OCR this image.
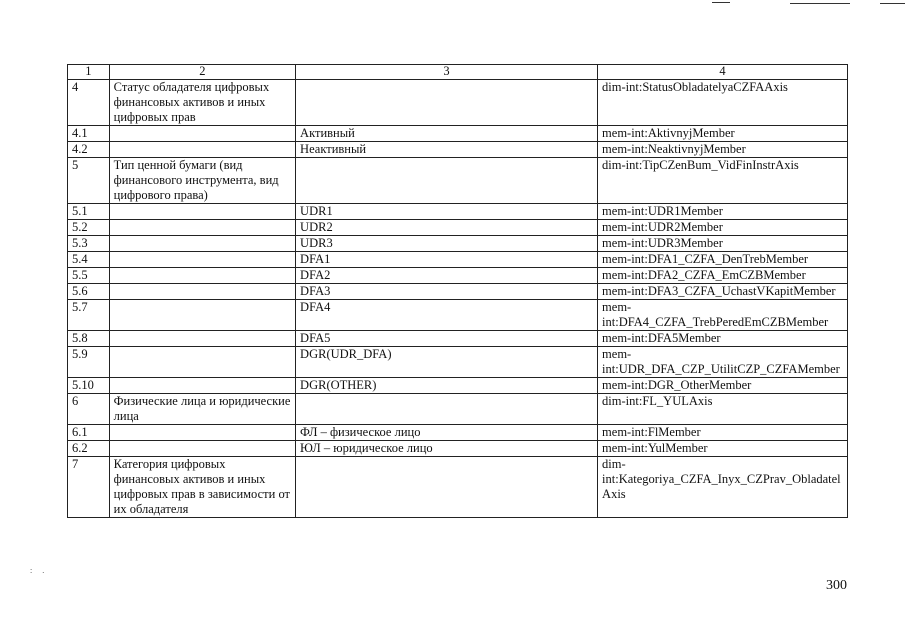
1	2	3	4
4	Статус обладателя цифровых финансовых активов и иных цифровых прав		dim-int:StatusObladatelyaCZFAAxis
4.1		Активный	mem-int:AktivnyjMember
4.2		Неактивный	mem-int:NeaktivnyjMember
5	Тип ценной бумаги (вид финансового инструмента, вид цифрового права)		dim-int:TipCZenBum_VidFinInstrAxis
5.1		UDR1	mem-int:UDR1Member
5.2		UDR2	mem-int:UDR2Member
5.3		UDR3	mem-int:UDR3Member
5.4		DFA1	mem-int:DFA1_CZFA_DenTrebMember
5.5		DFA2	mem-int:DFA2_CZFA_EmCZBMember
5.6		DFA3	mem-int:DFA3_CZFA_UchastVKapitMember
5.7		DFA4	mem-int:DFA4_CZFA_TrebPeredEmCZBMember
5.8		DFA5	mem-int:DFA5Member
5.9		DGR(UDR_DFA)	mem-int:UDR_DFA_CZP_UtilitCZP_CZFAMember
5.10		DGR(OTHER)	mem-int:DGR_OtherMember
6	Физические лица и юридические лица		dim-int:FL_YULAxis
6.1		ФЛ – физическое лицо	mem-int:FlMember
6.2		ЮЛ – юридическое лицо	mem-int:YulMember
7	Категория цифровых финансовых активов и иных цифровых прав в зависимости от их обладателя		dim-int:Kategoriya_CZFA_Inyx_CZPrav_ObladatelAxis
: .
300
